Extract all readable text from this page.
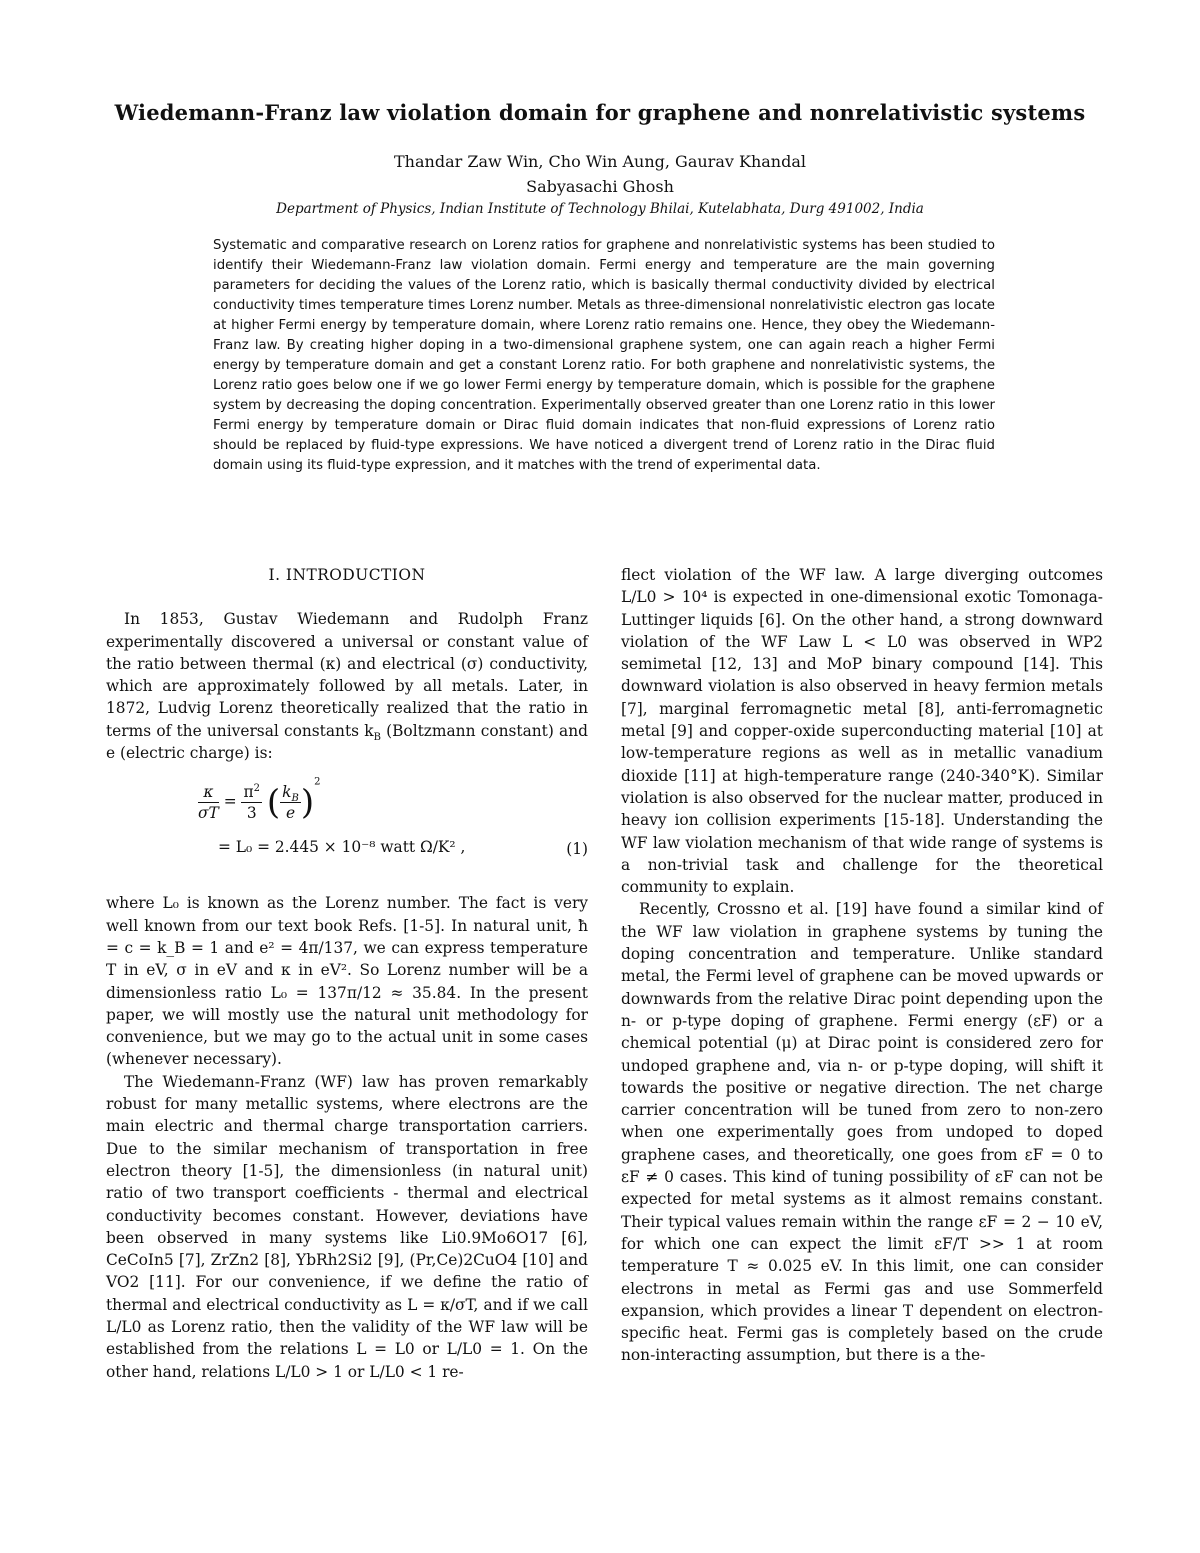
Wiedemann-Franz law violation domain for graphene and nonrelativistic systems
Thandar Zaw Win, Cho Win Aung, Gaurav Khandal
Sabyasachi Ghosh
Department of Physics, Indian Institute of Technology Bhilai, Kutelabhata, Durg 491002, India
Systematic and comparative research on Lorenz ratios for graphene and nonrelativistic systems has been studied to identify their Wiedemann-Franz law violation domain. Fermi energy and temperature are the main governing parameters for deciding the values of the Lorenz ratio, which is basically thermal conductivity divided by electrical conductivity times temperature times Lorenz number. Metals as three-dimensional nonrelativistic electron gas locate at higher Fermi energy by temperature domain, where Lorenz ratio remains one. Hence, they obey the Wiedemann-Franz law. By creating higher doping in a two-dimensional graphene system, one can again reach a higher Fermi energy by temperature domain and get a constant Lorenz ratio. For both graphene and nonrelativistic systems, the Lorenz ratio goes below one if we go lower Fermi energy by temperature domain, which is possible for the graphene system by decreasing the doping concentration. Experimentally observed greater than one Lorenz ratio in this lower Fermi energy by temperature domain or Dirac fluid domain indicates that non-fluid expressions of Lorenz ratio should be replaced by fluid-type expressions. We have noticed a divergent trend of Lorenz ratio in the Dirac fluid domain using its fluid-type expression, and it matches with the trend of experimental data.
I. INTRODUCTION

In 1853, Gustav Wiedemann and Rudolph Franz experimentally discovered a universal or constant value of the ratio between thermal (κ) and electrical (σ) conductivity, which are approximately followed by all metals. Later, in 1872, Ludvig Lorenz theoretically realized that the ratio in terms of the universal constants $k_B$ (Boltzmann constant) and e (electric charge) is:

$\frac{\kappa}{\sigma T} = \frac{\pi^2}{3}$ ( $\frac{k_B}{e} )^2$
= L₀ = 2.445 × 10⁻⁸ watt Ω/K² ,	(1)

where L₀ is known as the Lorenz number. The fact is very well known from our text book Refs. [1-5]. In natural unit, ħ = c = k_B = 1 and e² = 4π/137, we can express temperature T in eV, σ in eV and κ in eV². So Lorenz number will be a dimensionless ratio L₀ = 137π/12 ≈ 35.84. In the present paper, we will mostly use the natural unit methodology for convenience, but we may go to the actual unit in some cases (whenever necessary).

The Wiedemann-Franz (WF) law has proven remarkably robust for many metallic systems, where electrons are the main electric and thermal charge transportation carriers. Due to the similar mechanism of transportation in free electron theory [1-5], the dimensionless (in natural unit) ratio of two transport coefficients - thermal and electrical conductivity becomes constant. However, deviations have been observed in many systems like Li0.9Mo6O17 [6], CeCoIn5 [7], ZrZn2 [8], YbRh2Si2 [9], (Pr,Ce)2CuO4 [10] and VO2 [11]. For our convenience, if we define the ratio of thermal and electrical conductivity as L = κ/σT, and if we call L/L0 as Lorenz ratio, then the validity of the WF law will be established from the relations L = L0 or L/L0 = 1. On the other hand, relations L/L0 > 1 or L/L0 < 1 re-

flect violation of the WF law. A large diverging outcomes L/L0 > 10⁴ is expected in one-dimensional exotic Tomonaga-Luttinger liquids [6]. On the other hand, a strong downward violation of the WF Law L < L0 was observed in WP2 semimetal [12, 13] and MoP binary compound [14]. This downward violation is also observed in heavy fermion metals [7], marginal ferromagnetic metal [8], anti-ferromagnetic metal [9] and copper-oxide superconducting material [10] at low-temperature regions as well as in metallic vanadium dioxide [11] at high-temperature range (240-340°K). Similar violation is also observed for the nuclear matter, produced in heavy ion collision experiments [15-18]. Understanding the WF law violation mechanism of that wide range of systems is a non-trivial task and challenge for the theoretical community to explain.

Recently, Crossno et al. [19] have found a similar kind of the WF law violation in graphene systems by tuning the doping concentration and temperature. Unlike standard metal, the Fermi level of graphene can be moved upwards or downwards from the relative Dirac point depending upon the n- or p-type doping of graphene. Fermi energy (εF) or a chemical potential (μ) at Dirac point is considered zero for undoped graphene and, via n- or p-type doping, will shift it towards the positive or negative direction. The net charge carrier concentration will be tuned from zero to non-zero when one experimentally goes from undoped to doped graphene cases, and theoretically, one goes from εF = 0 to εF ≠ 0 cases. This kind of tuning possibility of εF can not be expected for metal systems as it almost remains constant. Their typical values remain within the range εF = 2 − 10 eV, for which one can expect the limit εF/T >> 1 at room temperature T ≈ 0.025 eV. In this limit, one can consider electrons in metal as Fermi gas and use Sommerfeld expansion, which provides a linear T dependent on electron-specific heat. Fermi gas is completely based on the crude non-interacting assumption, but there is a the-
